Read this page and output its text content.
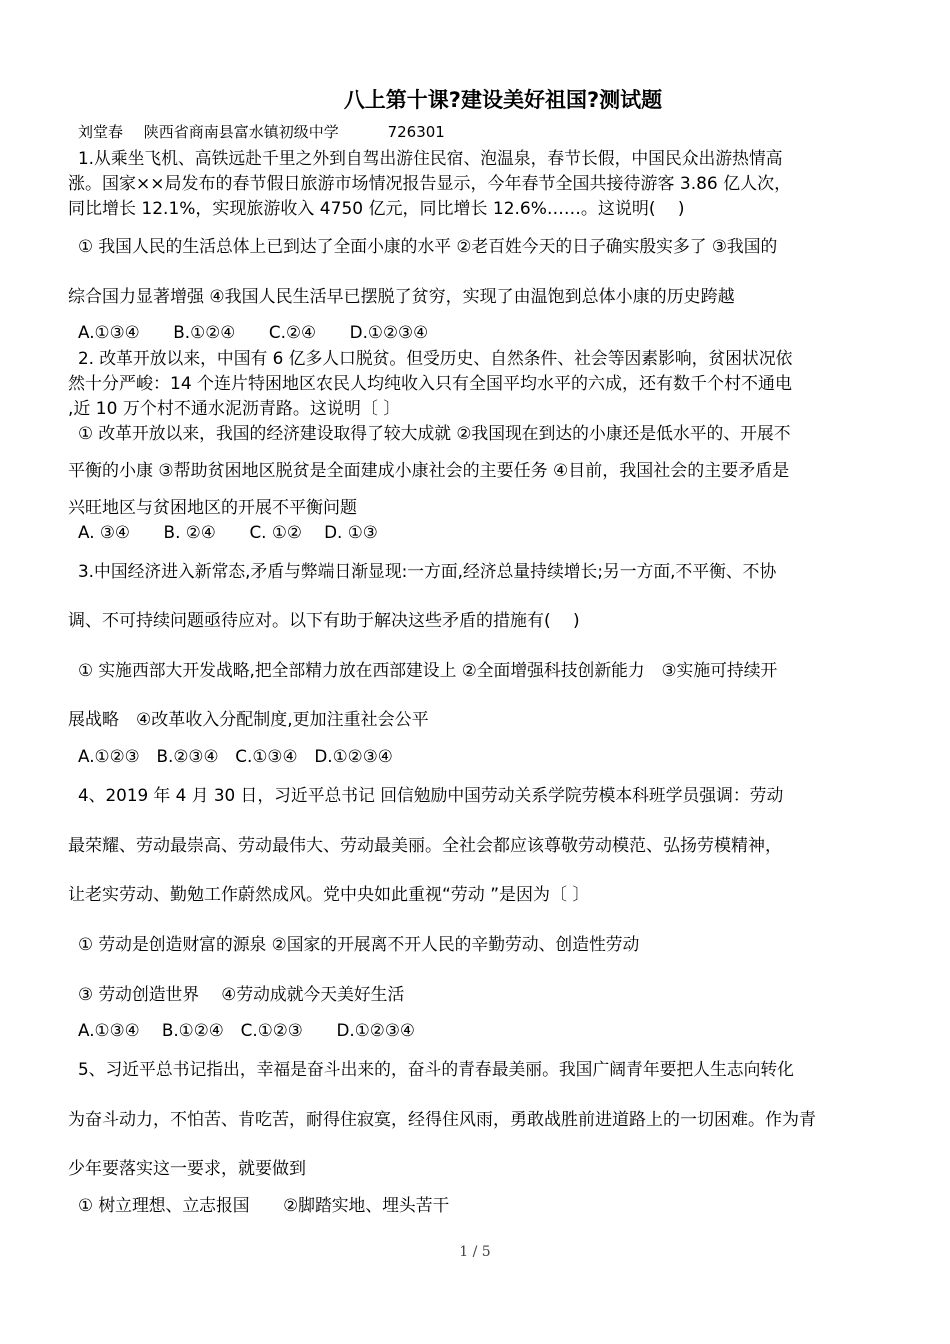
八上第十课?建设美好祖国?测试题
刘堂春 陕西省商南县富水镇初级中学	726301
1.从乘坐飞机、高铁远赴千里之外到自驾出游住民宿、泡温泉，春节长假，中国民众出游热情高
涨。国家××局发布的春节假日旅游市场情况报告显示，今年春节全国共接待游客 3.86 亿人次，
同比增长 12.1%，实现旅游收入 4750 亿元，同比增长 12.6%……。这说明(　 )
① 我国人民的生活总体上已到达了全面小康的水平 ②老百姓今天的日子确实殷实多了 ③我国的
综合国力显著增强 ④我国人民生活早已摆脱了贫穷，实现了由温饱到总体小康的历史跨越
A.①③④　　B.①②④　　C.②④　　D.①②③④
2. 改革开放以来，中国有 6 亿多人口脱贫。但受历史、自然条件、社会等因素影响，贫困状况依
然十分严峻：14 个连片特困地区农民人均纯收入只有全国平均水平的六成，还有数千个村不通电
,近 10 万个村不通水泥沥青路。这说明〔 〕
① 改革开放以来，我国的经济建设取得了较大成就 ②我国现在到达的小康还是低水平的、开展不
平衡的小康 ③帮助贫困地区脱贫是全面建成小康社会的主要任务 ④目前，我国社会的主要矛盾是
兴旺地区与贫困地区的开展不平衡问题
A. ③④　　B. ②④　　C. ①②　 D. ①③
3.中国经济进入新常态,矛盾与弊端日渐显现:一方面,经济总量持续增长;另一方面,不平衡、不协
调、不可持续问题亟待应对。以下有助于解决这些矛盾的措施有(　 )
① 实施西部大开发战略,把全部精力放在西部建设上 ②全面增强科技创新能力　③实施可持续开
展战略　④改革收入分配制度,更加注重社会公平
A.①②③　B.②③④　C.①③④　D.①②③④
4、2019 年 4 月 30 日，习近平总书记 回信勉励中国劳动关系学院劳模本科班学员强调：劳动
最荣耀、劳动最崇高、劳动最伟大、劳动最美丽。全社会都应该尊敬劳动模范、弘扬劳模精神，
让老实劳动、勤勉工作蔚然成风。党中央如此重视“劳动 ”是因为〔 〕
① 劳动是创造财富的源泉 ②国家的开展离不开人民的辛勤劳动、创造性劳动
③ 劳动创造世界　 ④劳动成就今天美好生活
A.①③④　 B.①②④　C.①②③　　D.①②③④
5、习近平总书记指出，幸福是奋斗出来的，奋斗的青春最美丽。我国广阔青年要把人生志向转化
为奋斗动力，不怕苦、肯吃苦，耐得住寂寞，经得住风雨，勇敢战胜前进道路上的一切困难。作为青
少年要落实这一要求，就要做到
① 树立理想、立志报国　　②脚踏实地、埋头苦干
1 / 5
